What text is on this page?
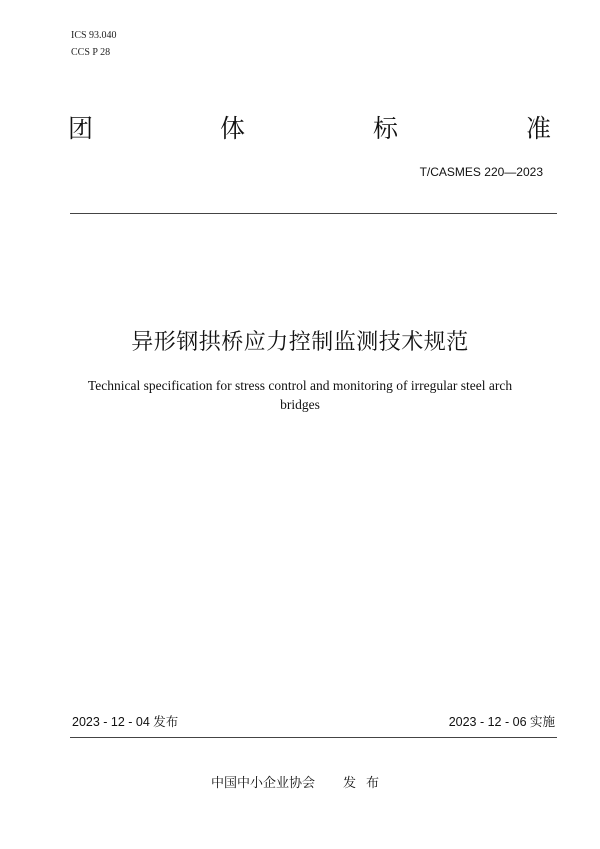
ICS 93.040
CCS P 28
团	体	标	准
T/CASMES 220—2023
异形钢拱桥应力控制监测技术规范
Technical specification for stress control and monitoring of irregular steel arch bridges
2023 - 12 - 04 发布	2023 - 12 - 06 实施
中国中小企业协会 发布
